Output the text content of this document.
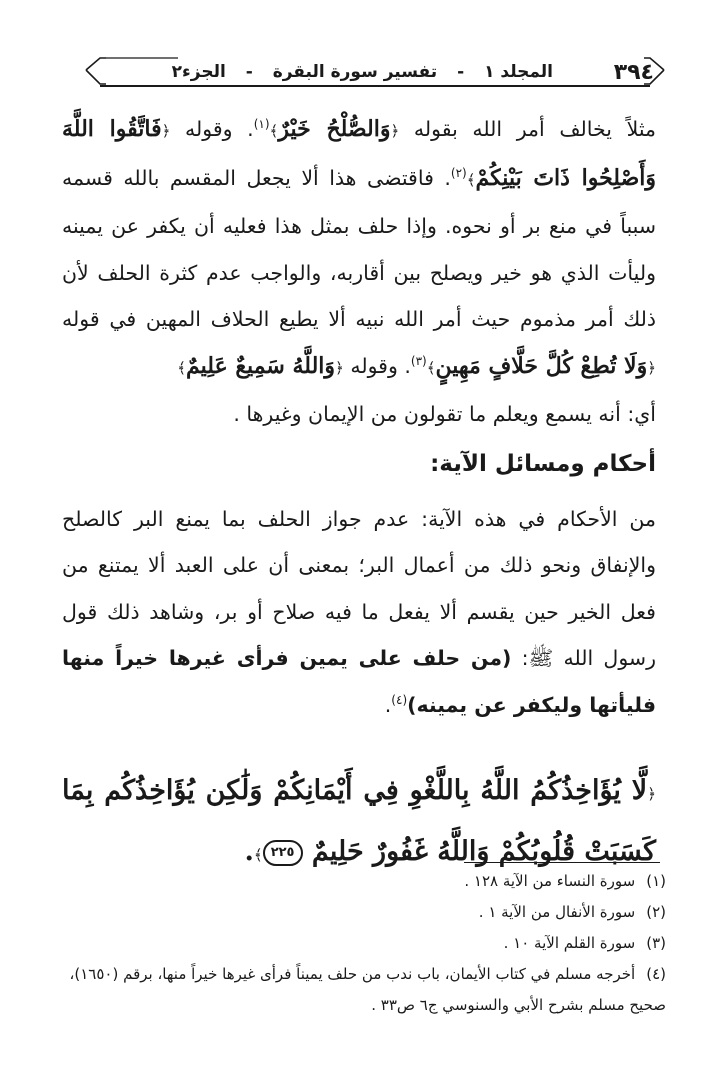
٣٩٤
المجلد ١ - تفسير سورة البقرة - الجزء٢

مثلاً يخالف أمر الله بقوله ﴿وَالصُّلْحُ خَيْرٌ﴾$^{(١)}$. وقوله ﴿فَاتَّقُوا اللَّهَ وَأَصْلِحُوا ذَاتَ بَيْنِكُمْ﴾$^{(٢)}$. فاقتضى هذا ألا يجعل المقسم بالله قسمه سبباً في منع بر أو نحوه. وإذا حلف بمثل هذا فعليه أن يكفر عن يمينه وليأت الذي هو خير ويصلح بين أقاربه، والواجب عدم كثرة الحلف لأن ذلك أمر مذموم حيث أمر الله نبيه ألا يطيع الحلاف المهين في قوله ﴿وَلَا تُطِعْ كُلَّ حَلَّافٍ مَهِينٍ﴾$^{(٣)}$. وقوله ﴿وَاللَّهُ سَمِيعٌ عَلِيمٌ﴾
أي: أنه يسمع ويعلم ما تقولون من الإيمان وغيرها .

أحكام ومسائل الآية:

من الأحكام في هذه الآية: عدم جواز الحلف بما يمنع البر كالصلح والإنفاق ونحو ذلك من أعمال البر؛ بمعنى أن على العبد ألا يمتنع من فعل الخير حين يقسم ألا يفعل ما فيه صلاح أو بر، وشاهد ذلك قول رسول الله ﷺ: (من حلف على يمين فرأى غيرها خيراً منها فليأتها وليكفر عن يمينه)$^{(٤)}$.

﴿لَّا يُؤَاخِذُكُمُ اللَّهُ بِاللَّغْوِ فِي أَيْمَانِكُمْ وَلَٰكِن يُؤَاخِذُكُم بِمَا كَسَبَتْ قُلُوبُكُمْ وَاللَّهُ غَفُورٌ حَلِيمٌ ٢٢٥﴾.

(١) سورة النساء من الآية ١٢٨ .

(٢) سورة الأنفال من الآية ١ .

(٣) سورة القلم الآية ١٠ .

(٤) أخرجه مسلم في كتاب الأيمان، باب ندب من حلف يميناً فرأى غيرها خيراً منها، برقم (١٦٥٠)، صحيح مسلم بشرح الأبي والسنوسي ج٦ ص٣٣ .
